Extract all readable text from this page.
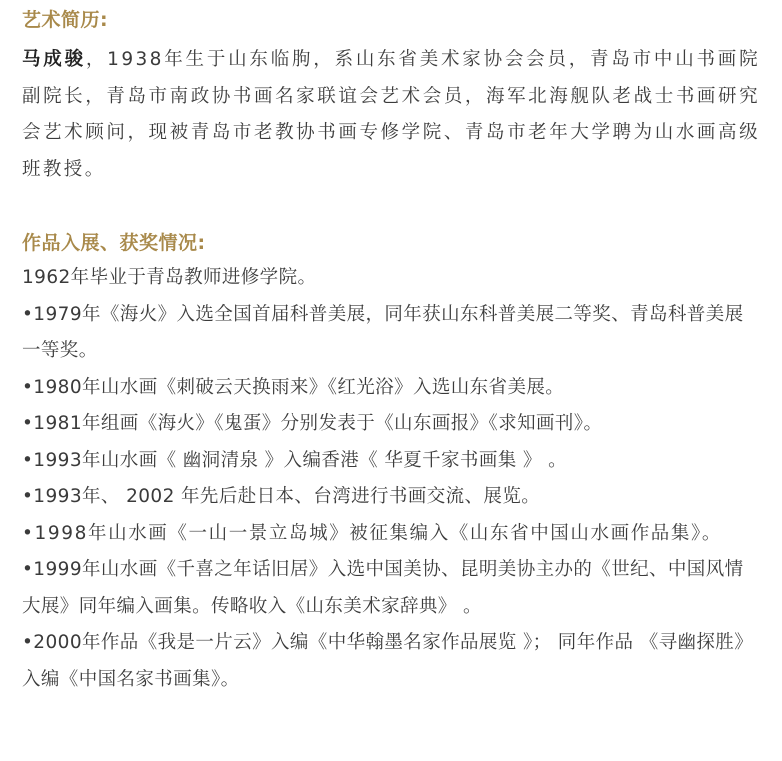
艺术简历:

马成骏，1938年生于山东临朐，系山东省美术家协会会员，青岛市中山书画院副院长，青岛市南政协书画名家联谊会艺术会员，海军北海舰队老战士书画研究会艺术顾问，现被青岛市老教协书画专修学院、青岛市老年大学聘为山水画高级班教授。

作品入展、获奖情况:

1962年毕业于青岛教师进修学院。

•1979年《海火》入选全国首届科普美展，同年获山东科普美展二等奖、青岛科普美展一等奖。

•1980年山水画《刺破云天换雨来》《红光浴》入选山东省美展。

•1981年组画《海火》《鬼蛋》分别发表于《山东画报》《求知画刊》。

•1993年山水画《 幽洞清泉 》入编香港《 华夏千家书画集 》 。

•1993年、 2002 年先后赴日本、台湾进行书画交流、展览。

•1998年山水画《一山一景立岛城》被征集编入《山东省中国山水画作品集》。

•1999年山水画《千喜之年话旧居》入选中国美协、昆明美协主办的《世纪、中国风情大展》同年编入画集。传略收入《山东美术家辞典》 。

•2000年作品《我是一片云》入编《中华翰墨名家作品展览 》； 同年作品 《寻幽探胜》入编《中国名家书画集》。
